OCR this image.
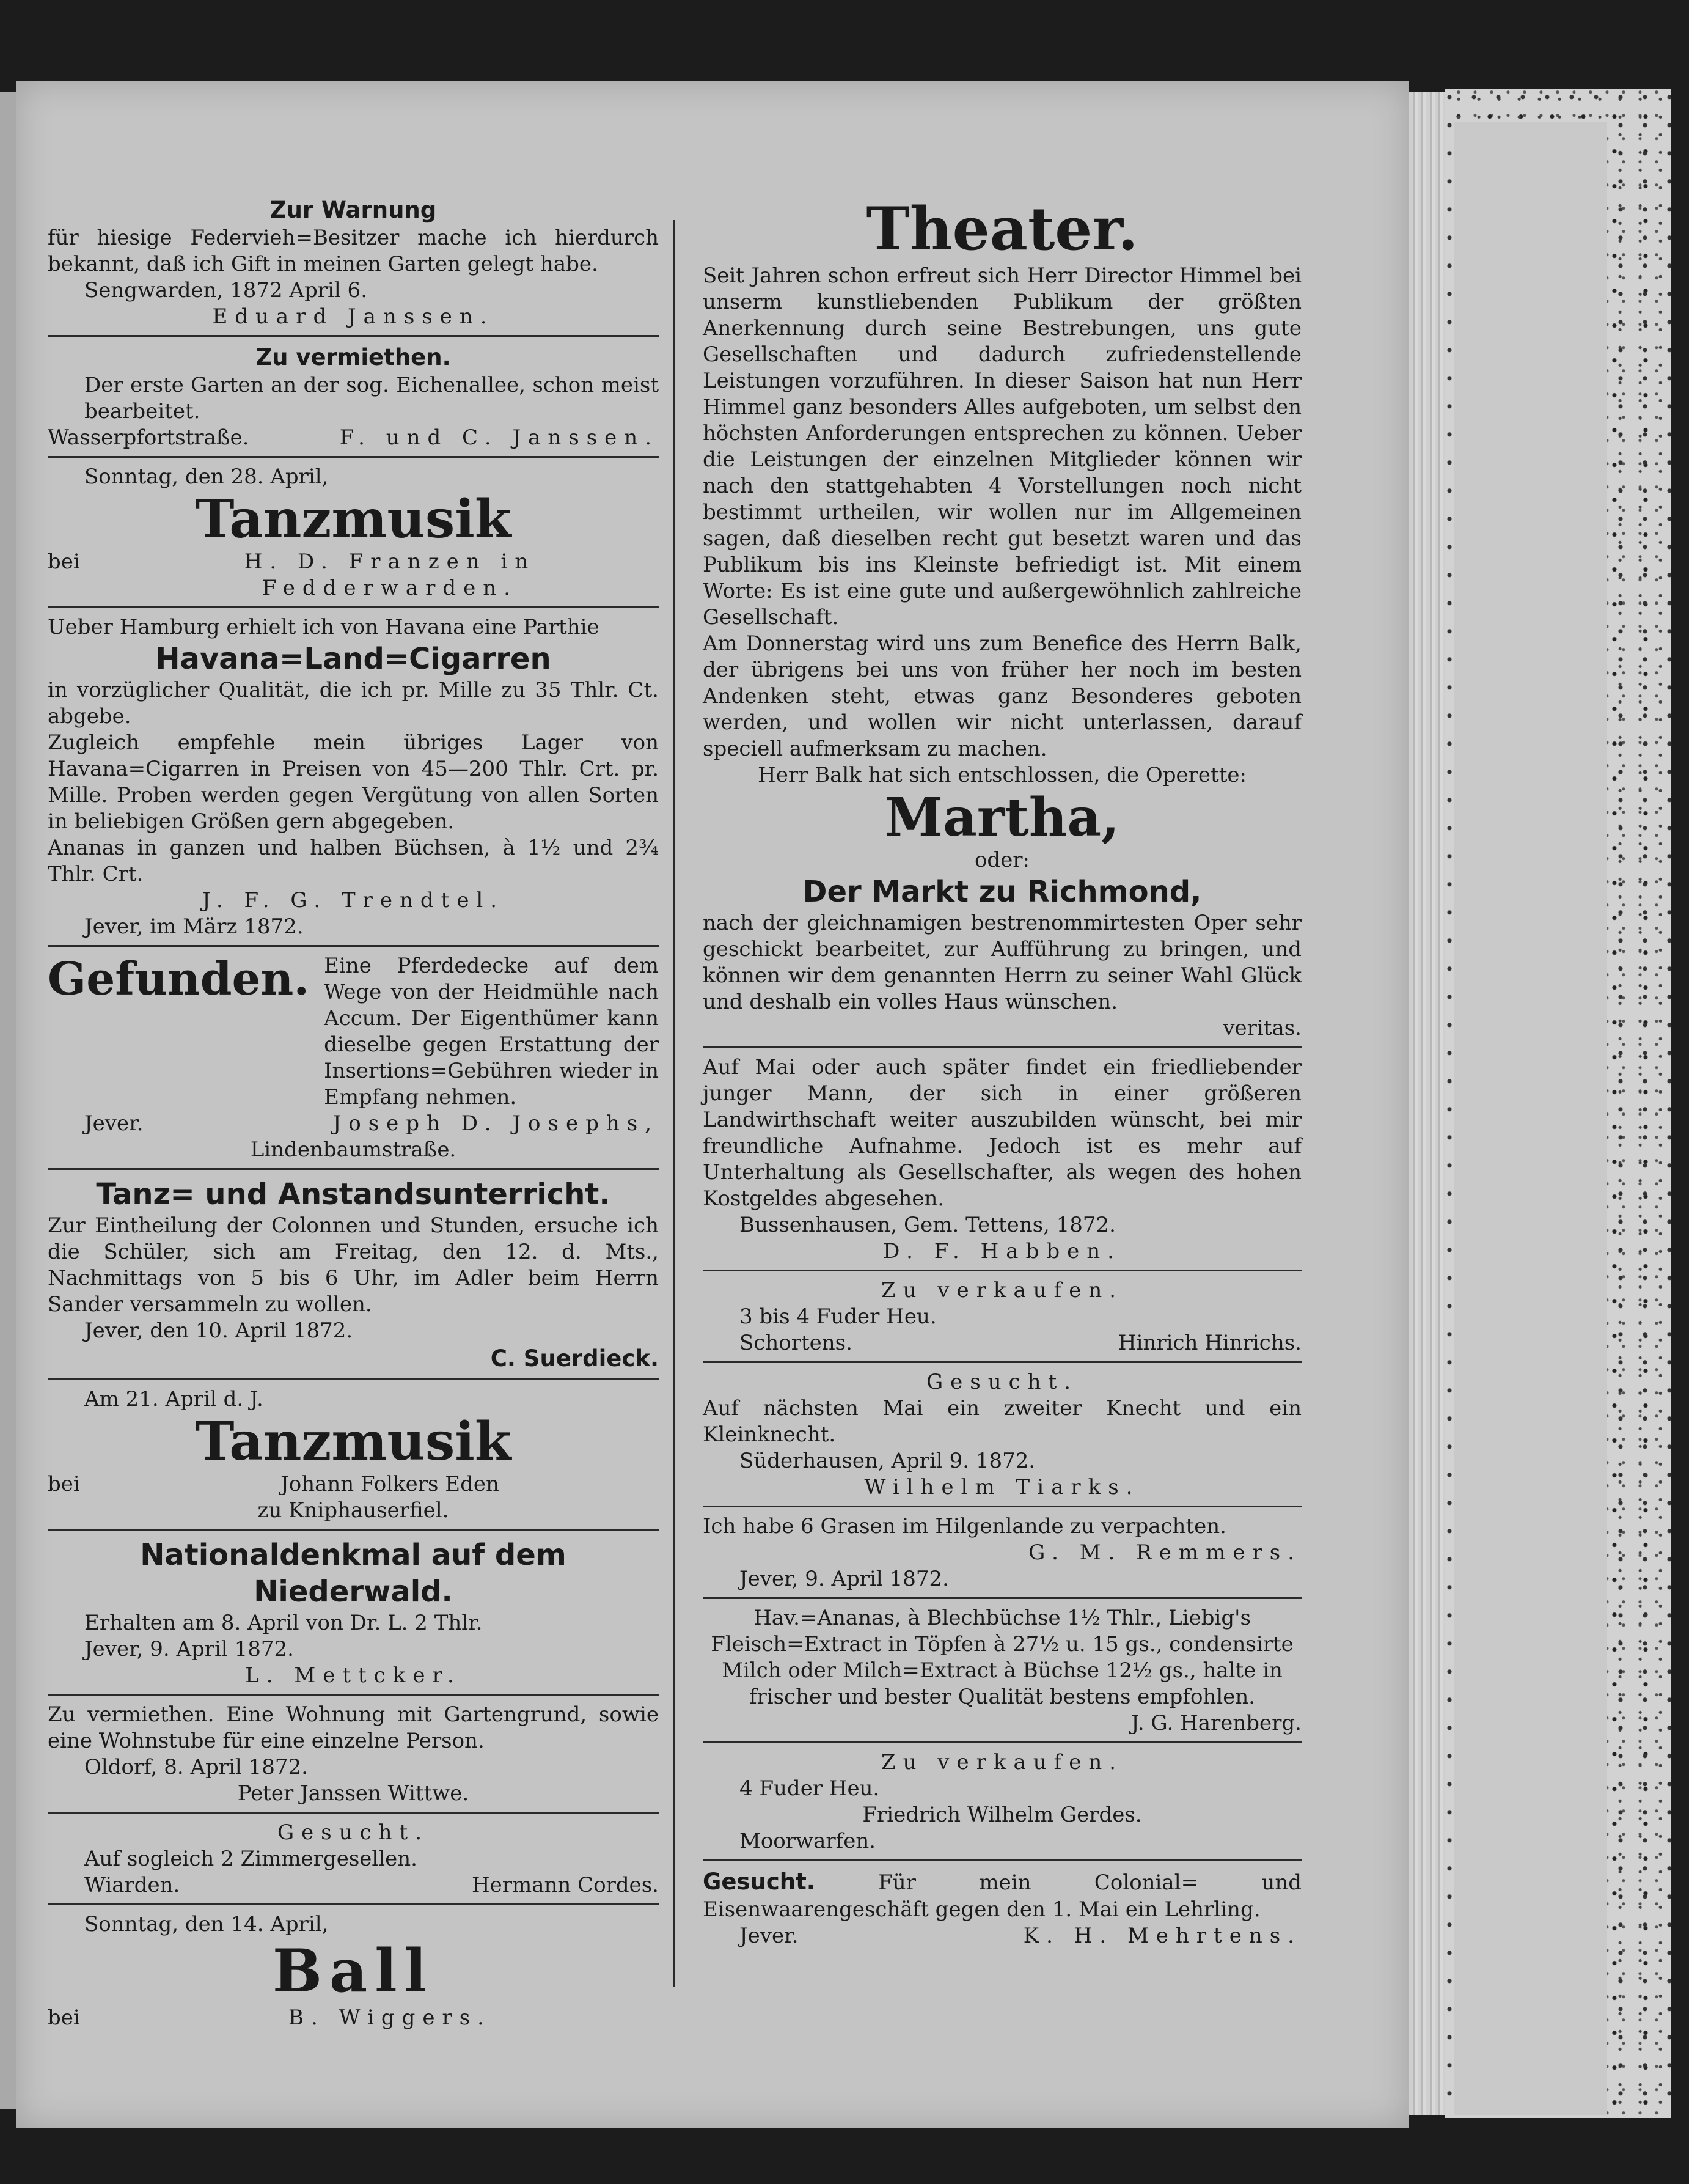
Zur Warnung

für hiesige Federvieh=Besitzer mache ich hierdurch bekannt, daß ich Gift in meinen Garten gelegt habe.

Sengwarden, 1872 April 6.

Eduard Janssen.

Zu vermiethen.

Der erste Garten an der sog. Eichenallee, schon meist bearbeitet.

Wasserpfortstraße.	F. und C. Janssen.

Sonntag, den 28. April,

Tanzmusik

bei	H. D. Franzen in Fedderwarden.

Ueber Hamburg erhielt ich von Havana eine Parthie

Havana=Land=Cigarren

in vorzüglicher Qualität, die ich pr. Mille zu 35 Thlr. Ct. abgebe.

Zugleich empfehle mein übriges Lager von Havana=Cigarren in Preisen von 45—200 Thlr. Crt. pr. Mille. Proben werden gegen Vergütung von allen Sorten in beliebigen Größen gern abgegeben.

Ananas in ganzen und halben Büchsen, à 1½ und 2¾ Thlr. Crt.

J. F. G. Trendtel.

Jever, im März 1872.

Gefunden. Eine Pferdedecke auf dem Wege von der Heidmühle nach Accum. Der Eigenthümer kann dieselbe gegen Erstattung der Insertions=Gebühren wieder in Empfang nehmen.
Jever.	Joseph D. Josephs,

Lindenbaumstraße.

Tanz= und Anstandsunterricht.

Zur Eintheilung der Colonnen und Stunden, ersuche ich die Schüler, sich am Freitag, den 12. d. Mts., Nachmittags von 5 bis 6 Uhr, im Adler beim Herrn Sander versammeln zu wollen.

Jever, den 10. April 1872.

C. Suerdieck.

Am 21. April d. J.

Tanzmusik

bei	Johann Folkers Eden

zu Kniphauserfiel.

Nationaldenkmal auf dem Niederwald.

Erhalten am 8. April von Dr. L. 2 Thlr.

Jever, 9. April 1872.

L. Mettcker.

Zu vermiethen. Eine Wohnung mit Gartengrund, sowie eine Wohnstube für eine einzelne Person.

Oldorf, 8. April 1872.

Peter Janssen Wittwe.

Gesucht.

Auf sogleich 2 Zimmergesellen.

Wiarden.	Hermann Cordes.

Sonntag, den 14. April,

Ball

bei	B. Wiggers.

Theater.

Seit Jahren schon erfreut sich Herr Director Himmel bei unserm kunstliebenden Publikum der größten Anerkennung durch seine Bestrebungen, uns gute Gesellschaften und dadurch zufriedenstellende Leistungen vorzuführen. In dieser Saison hat nun Herr Himmel ganz besonders Alles aufgeboten, um selbst den höchsten Anforderungen entsprechen zu können. Ueber die Leistungen der einzelnen Mitglieder können wir nach den stattgehabten 4 Vorstellungen noch nicht bestimmt urtheilen, wir wollen nur im Allgemeinen sagen, daß dieselben recht gut besetzt waren und das Publikum bis ins Kleinste befriedigt ist. Mit einem Worte: Es ist eine gute und außergewöhnlich zahlreiche Gesellschaft.

Am Donnerstag wird uns zum Benefice des Herrn Balk, der übrigens bei uns von früher her noch im besten Andenken steht, etwas ganz Besonderes geboten werden, und wollen wir nicht unterlassen, darauf speciell aufmerksam zu machen.

Herr Balk hat sich entschlossen, die Operette:

Martha,

oder:

Der Markt zu Richmond,

nach der gleichnamigen bestrenommirtesten Oper sehr geschickt bearbeitet, zur Aufführung zu bringen, und können wir dem genannten Herrn zu seiner Wahl Glück und deshalb ein volles Haus wünschen.

veritas.

Auf Mai oder auch später findet ein friedliebender junger Mann, der sich in einer größeren Landwirthschaft weiter auszubilden wünscht, bei mir freundliche Aufnahme. Jedoch ist es mehr auf Unterhaltung als Gesellschafter, als wegen des hohen Kostgeldes abgesehen.

Bussenhausen, Gem. Tettens, 1872.

D. F. Habben.

Zu verkaufen.

3 bis 4 Fuder Heu.

Schortens.	Hinrich Hinrichs.

Gesucht.

Auf nächsten Mai ein zweiter Knecht und ein Kleinknecht.

Süderhausen, April 9. 1872.

Wilhelm Tiarks.

Ich habe 6 Grasen im Hilgenlande zu verpachten.

G. M. Remmers.

Jever, 9. April 1872.

Hav.=Ananas, à Blechbüchse 1½ Thlr., Liebig's Fleisch=Extract in Töpfen à 27½ u. 15 gs., condensirte Milch oder Milch=Extract à Büchse 12½ gs., halte in frischer und bester Qualität bestens empfohlen.

J. G. Harenberg.

Zu verkaufen.

4 Fuder Heu.

Friedrich Wilhelm Gerdes.

Moorwarfen.

Gesucht.	Für mein Colonial= und Eisenwaarengeschäft gegen den 1. Mai ein Lehrling.

Jever.	K. H. Mehrtens.
